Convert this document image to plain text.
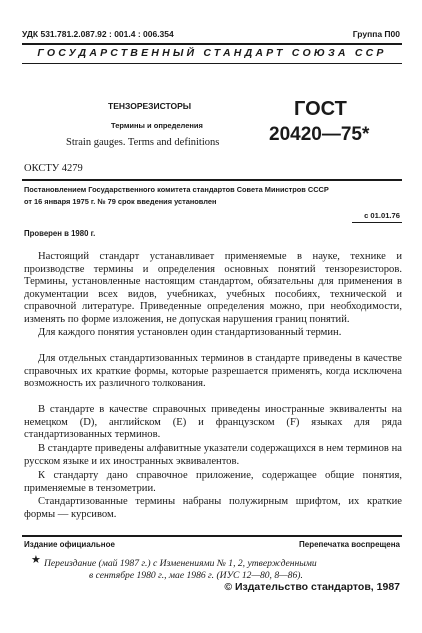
УДК 531.781.2.087.92 : 001.4 : 006.354	Группа П00

ГОСУДАРСТВЕННЫЙ СТАНДАРТ СОЮЗА ССР

ТЕНЗОРЕЗИСТОРЫ

Термины и определения

Strain gauges. Terms and definitions

ГОСТ

20420—75*

ОКСТУ 4279

Постановлением Государственного комитета стандартов Совета Министров СССР

от 16 января 1975 г. № 79 срок введения установлен

с 01.01.76

Проверен в 1980 г.

Настоящий стандарт устанавливает применяемые в науке, технике и производстве термины и определения основных понятий тензорезисторов. Термины, установленные настоящим стандартом, обязательны для применения в документации всех видов, учебниках, учебных пособиях, технической и справочной литературе. Приведенные определения можно, при необходимости, изменять по форме изложения, не допуская нарушения границ понятий.

Для каждого понятия установлен один стандартизованный термин.

Для отдельных стандартизованных терминов в стандарте приведены в качестве справочных их краткие формы, которые разрешается применять, когда исключена возможность их различного толкования.

В стандарте в качестве справочных приведены иностранные эквиваленты на немецком (D), английском (E) и французском (F) языках для ряда стандартизованных терминов.

В стандарте приведены алфавитные указатели содержащихся в нем терминов на русском языке и их иностранных эквивалентов.

К стандарту дано справочное приложение, содержащее общие понятия, применяемые в тензометрии.

Стандартизованные термины набраны полужирным шрифтом, их краткие формы — курсивом.

Издание официальное	Перепечатка воспрещена

★ Переиздание (май 1987 г.) с Изменениями № 1, 2, утвержденными

в сентябре 1980 г., мае 1986 г. (ИУС 12—80, 8—86).

© Издательство стандартов, 1987
